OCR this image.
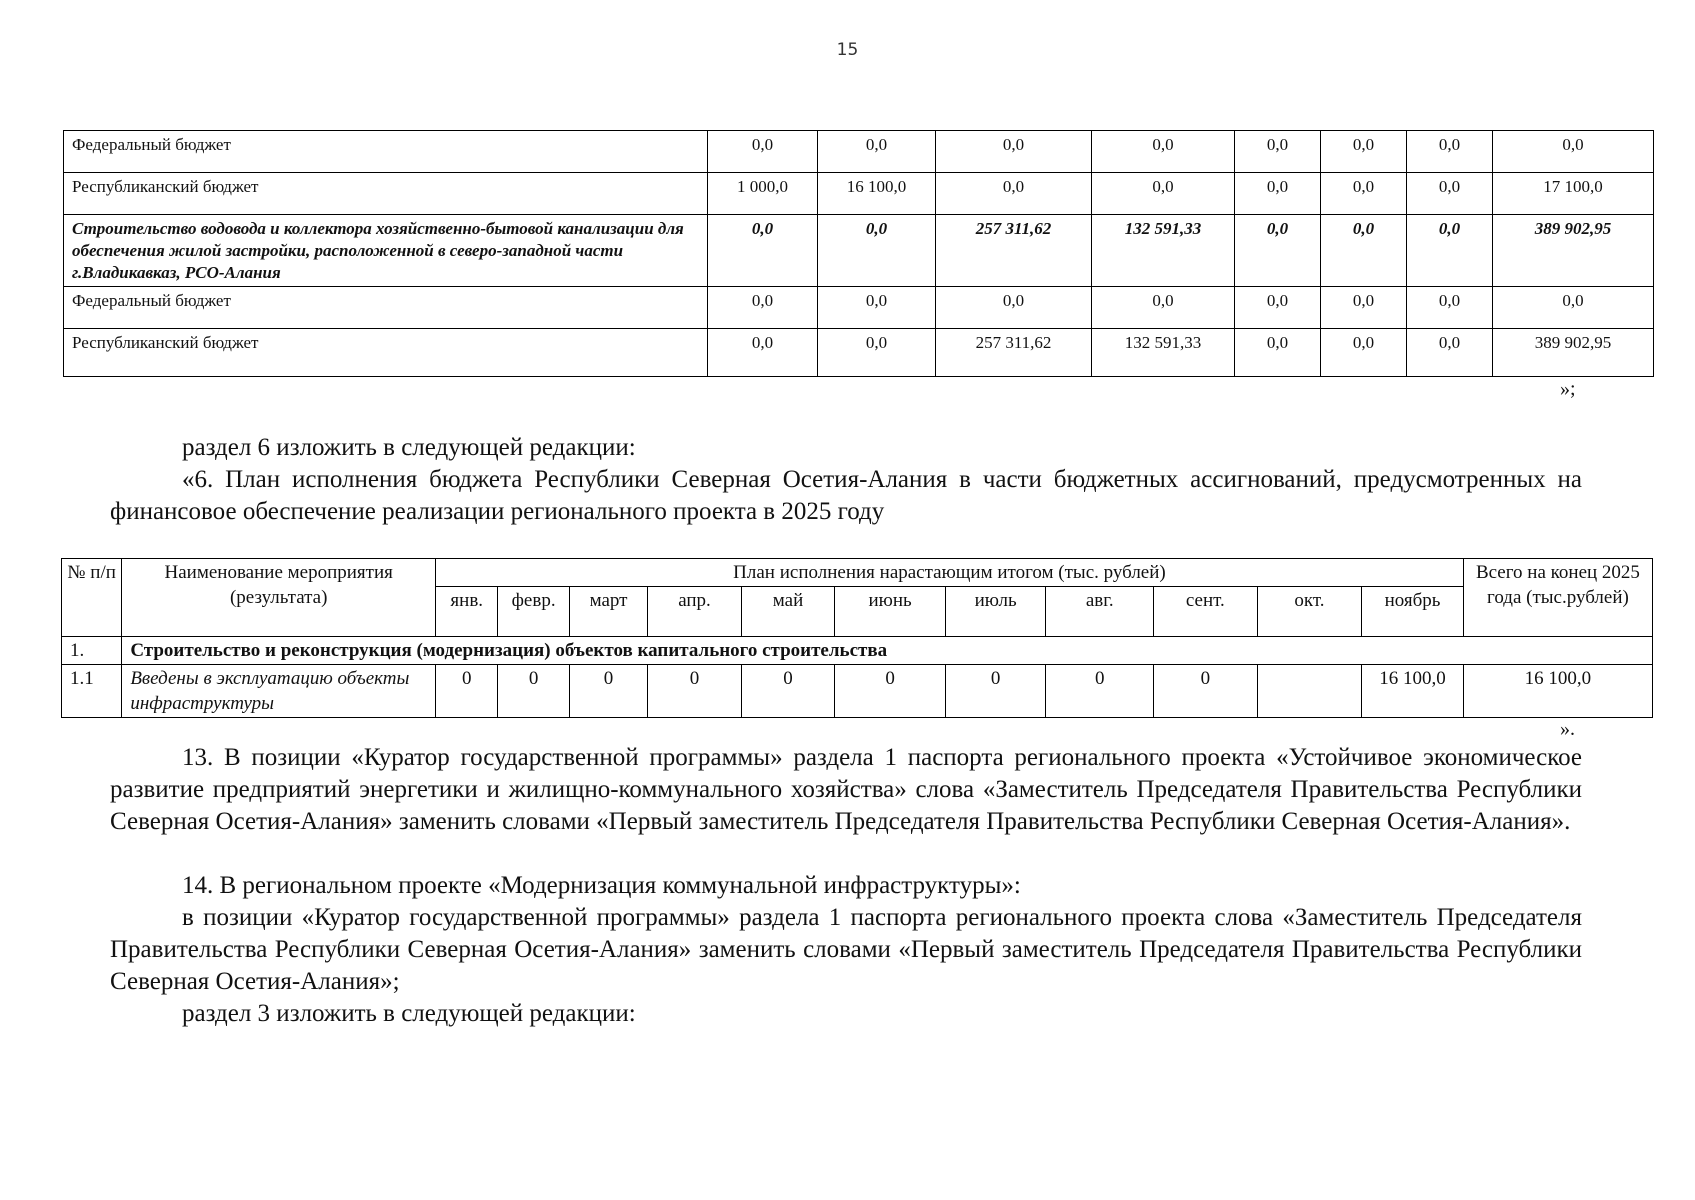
15
Федеральный бюджет	0,0	0,0	0,0	0,0	0,0	0,0	0,0	0,0
Республиканский бюджет	1 000,0	16 100,0	0,0	0,0	0,0	0,0	0,0	17 100,0
Строительство водовода и коллектора хозяйственно-бытовой канализации для обеспечения жилой застройки, расположенной в северо-западной части г.Владикавказ, РСО-Алания	0,0	0,0	257 311,62	132 591,33	0,0	0,0	0,0	389 902,95
Федеральный бюджет	0,0	0,0	0,0	0,0	0,0	0,0	0,0	0,0
Республиканский бюджет	0,0	0,0	257 311,62	132 591,33	0,0	0,0	0,0	389 902,95
»;
раздел 6 изложить в следующей редакции:
«6. План исполнения бюджета Республики Северная Осетия-Алания в части бюджетных ассигнований, предусмотренных на финансовое обеспечение реализации регионального проекта в 2025 году
№ п/п	Наименование мероприятия (результата)	План исполнения нарастающим итогом (тыс. рублей)											Всего на конец 2025 года (тыс.рублей)
		янв.	февр.	март	апр.	май	июнь	июль	авг.	сент.	окт.	ноябрь	
1.	Строительство и реконструкция (модернизация) объектов капитального строительства												
1.1	Введены в эксплуатацию объекты инфраструктуры	0	0	0	0	0	0	0	0	0		16 100,0	16 100,0
».
13. В позиции «Куратор государственной программы» раздела 1 паспорта регионального проекта «Устойчивое экономическое развитие предприятий энергетики и жилищно-коммунального хозяйства» слова «Заместитель Председателя Правительства Республики Северная Осетия-Алания» заменить словами «Первый заместитель Председателя Правительства Республики Северная Осетия-Алания».
14. В региональном проекте «Модернизация коммунальной инфраструктуры»:
в позиции «Куратор государственной программы» раздела 1 паспорта регионального проекта слова «Заместитель Председателя Правительства Республики Северная Осетия-Алания» заменить словами «Первый заместитель Председателя Правительства Республики Северная Осетия-Алания»;
раздел 3 изложить в следующей редакции:
